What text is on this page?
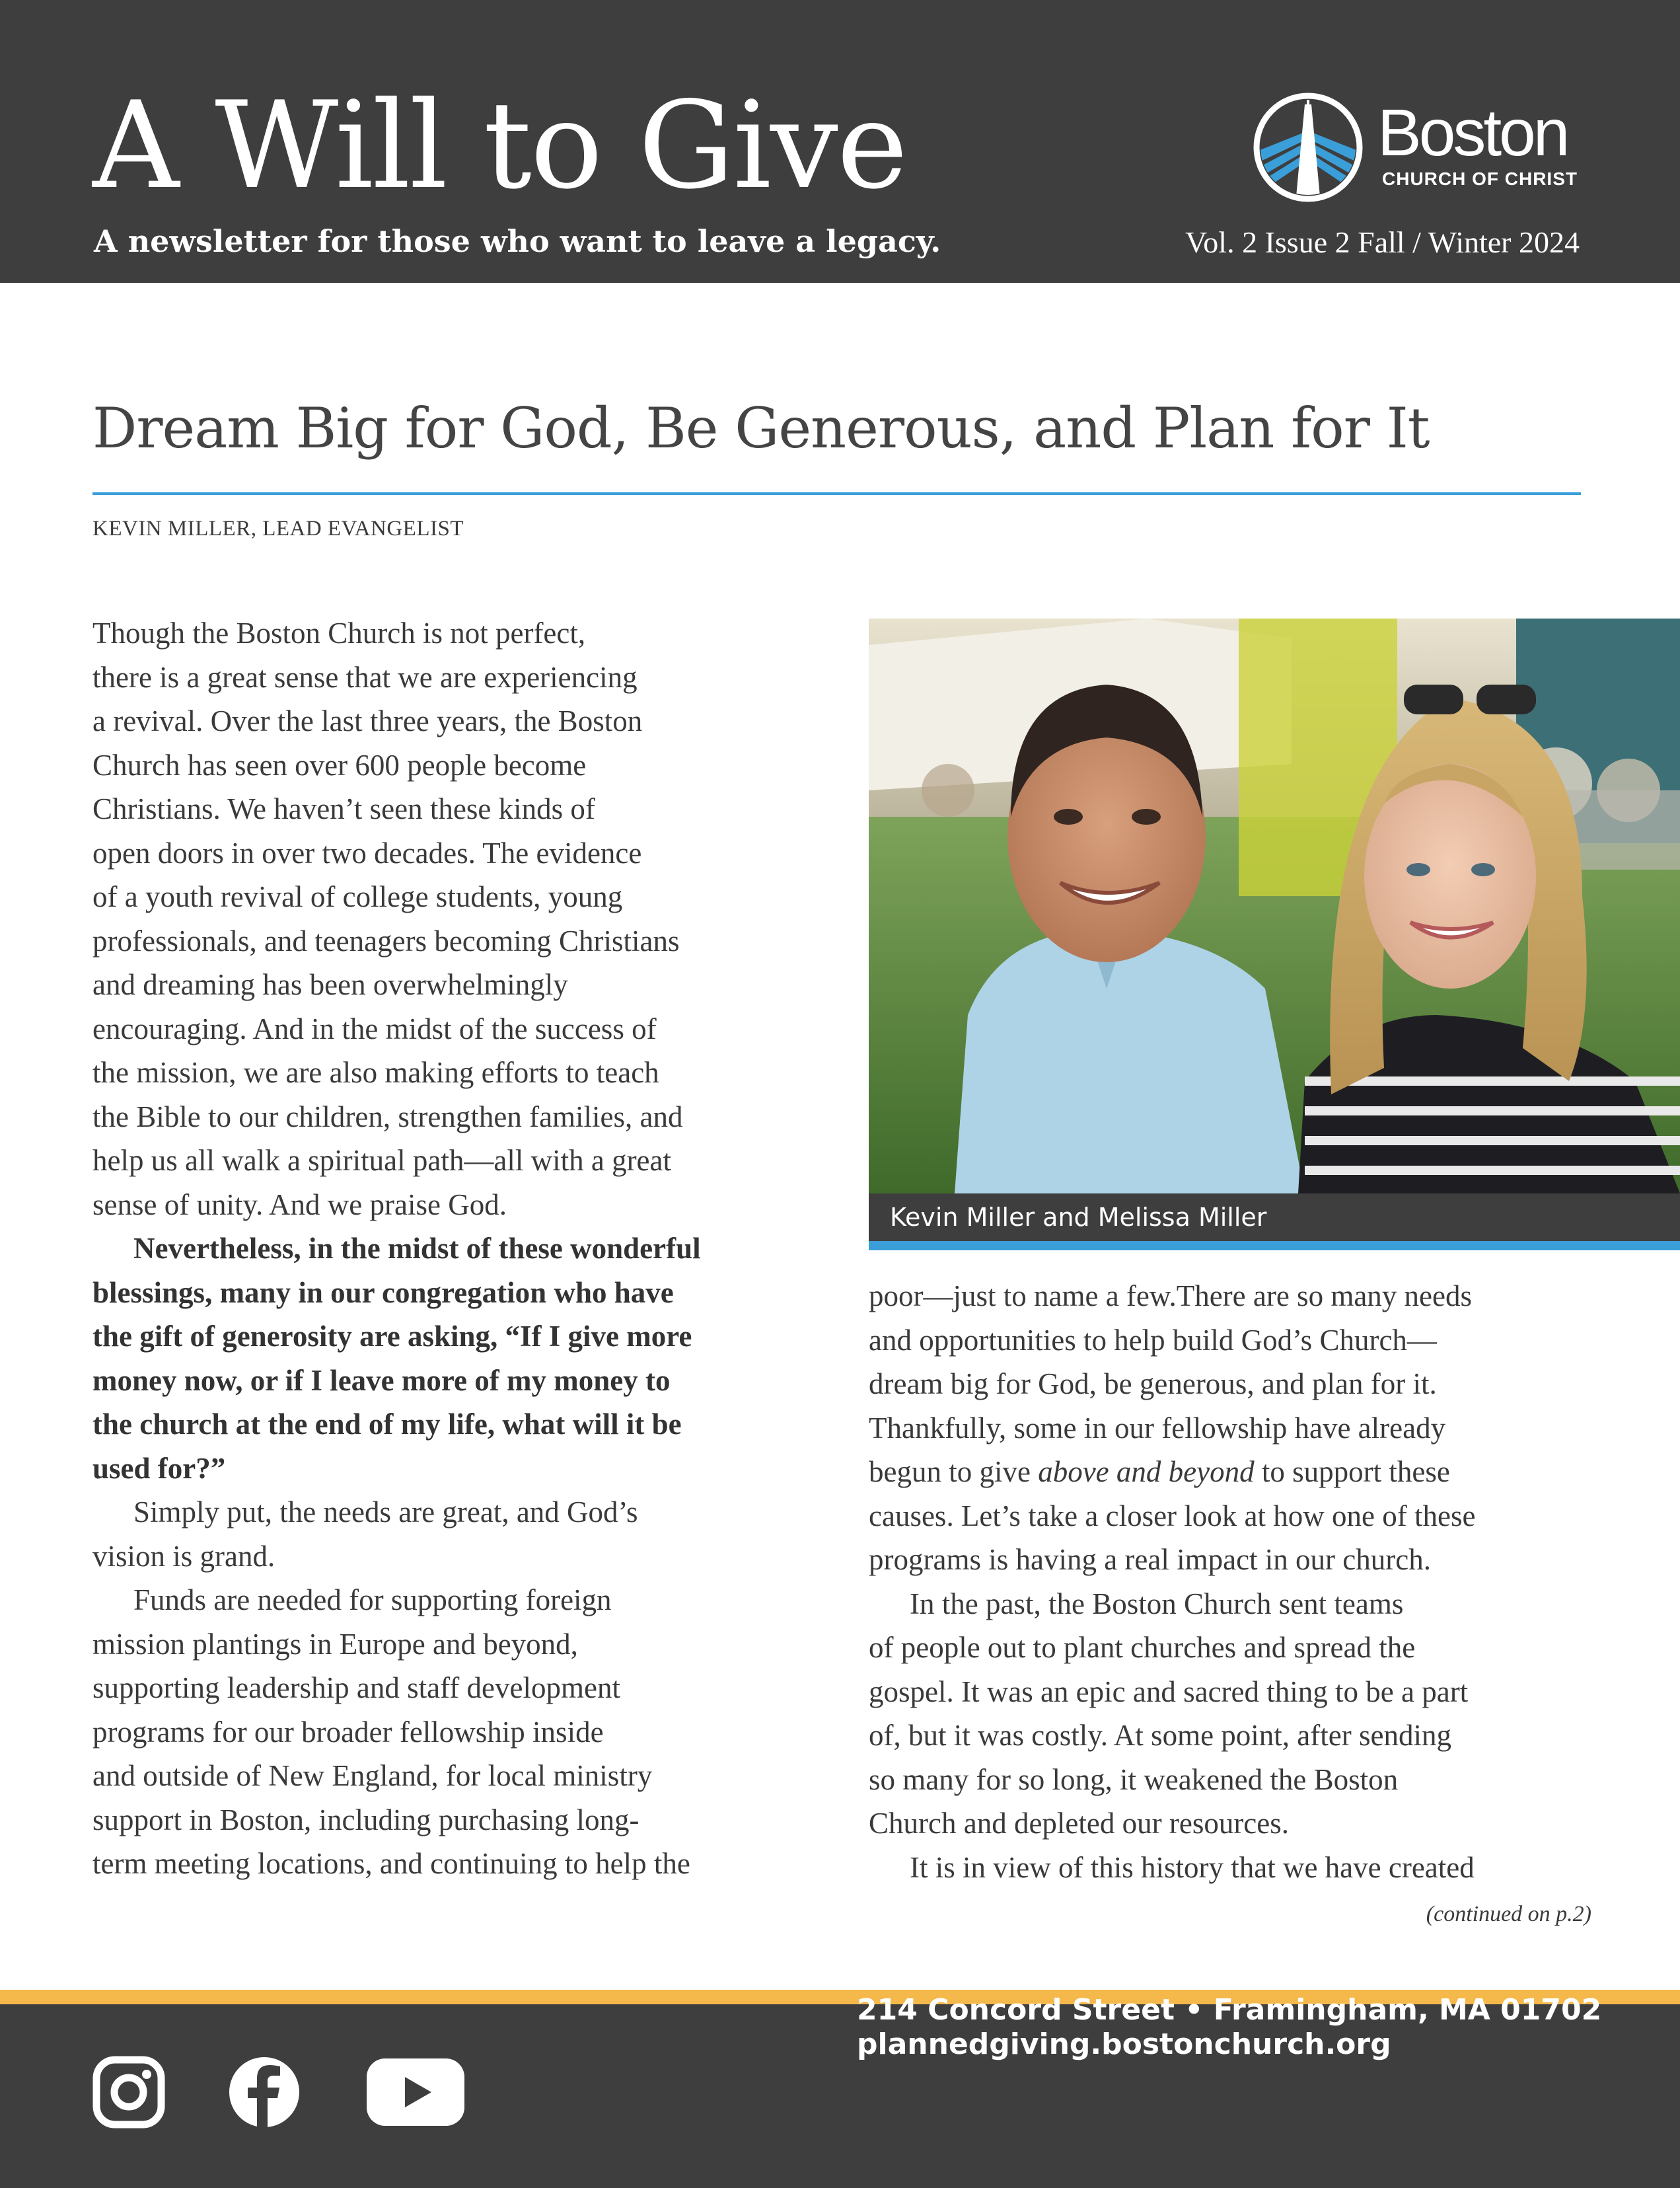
A Will to Give
A newsletter for those who want to leave a legacy.	Vol. 2 Issue 2 Fall / Winter 2024
Boston
CHURCH OF CHRIST
Dream Big for God, Be Generous, and Plan for It
KEVIN MILLER, LEAD EVANGELIST
Though the Boston Church is not perfect,
there is a great sense that we are experiencing
a revival. Over the last three years, the Boston
Church has seen over 600 people become
Christians. We haven’t seen these kinds of
open doors in over two decades. The evidence
of a youth revival of college students, young
professionals, and teenagers becoming Christians
and dreaming has been overwhelmingly
encouraging. And in the midst of the success of
the mission, we are also making efforts to teach
the Bible to our children, strengthen families, and
help us all walk a spiritual path—all with a great
sense of unity. And we praise God.
Nevertheless, in the midst of these wonderful
blessings, many in our congregation who have
the gift of generosity are asking, “If I give more
money now, or if I leave more of my money to
the church at the end of my life, what will it be
used for?”
Simply put, the needs are great, and God’s
vision is grand.
Funds are needed for supporting foreign
mission plantings in Europe and beyond,
supporting leadership and staff development
programs for our broader fellowship inside
and outside of New England, for local ministry
support in Boston, including purchasing long-
term meeting locations, and continuing to help the
Kevin Miller and Melissa Miller
poor—just to name a few.There are so many needs
and opportunities to help build God’s Church—
dream big for God, be generous, and plan for it.
Thankfully, some in our fellowship have already
begun to give above and beyond to support these
causes. Let’s take a closer look at how one of these
programs is having a real impact in our church.
In the past, the Boston Church sent teams
of people out to plant churches and spread the
gospel. It was an epic and sacred thing to be a part
of, but it was costly. At some point, after sending
so many for so long, it weakened the Boston
Church and depleted our resources.
It is in view of this history that we have created
(continued on p.2)
Boston Church of Christ
214 Concord Street • Framingham, MA 01702
plannedgiving.bostonchurch.org
